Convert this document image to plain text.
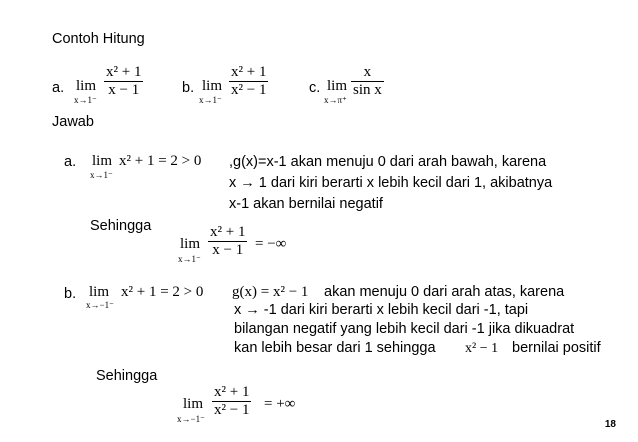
Contoh Hitung
a. lim
x→1⁻
x² + 1
x − 1	b. lim
x→1⁻
x² + 1
x² − 1	c. lim
x→π⁺
x
sin x
Jawab
a. lim
x→1⁻
x² + 1 = 2 > 0 ,g(x)=x-1 akan menuju 0 dari arah bawah, karena
x → 1 dari kiri berarti x lebih kecil dari 1, akibatnya
x-1 akan bernilai negatif
Sehingga
lim
x→1⁻
x² + 1
x − 1 = −∞
b. lim
x→−1⁻
x² + 1 = 2 > 0 g(x) = x² − 1 akan menuju 0 dari arah atas, karena
x → -1 dari kiri berarti x lebih kecil dari -1, tapi
bilangan negatif yang lebih kecil dari -1 jika dikuadrat
kan lebih besar dari 1 sehingga x² − 1 bernilai positif
Sehingga
lim
x→−1⁻
x² + 1
x² − 1 = +∞
18
